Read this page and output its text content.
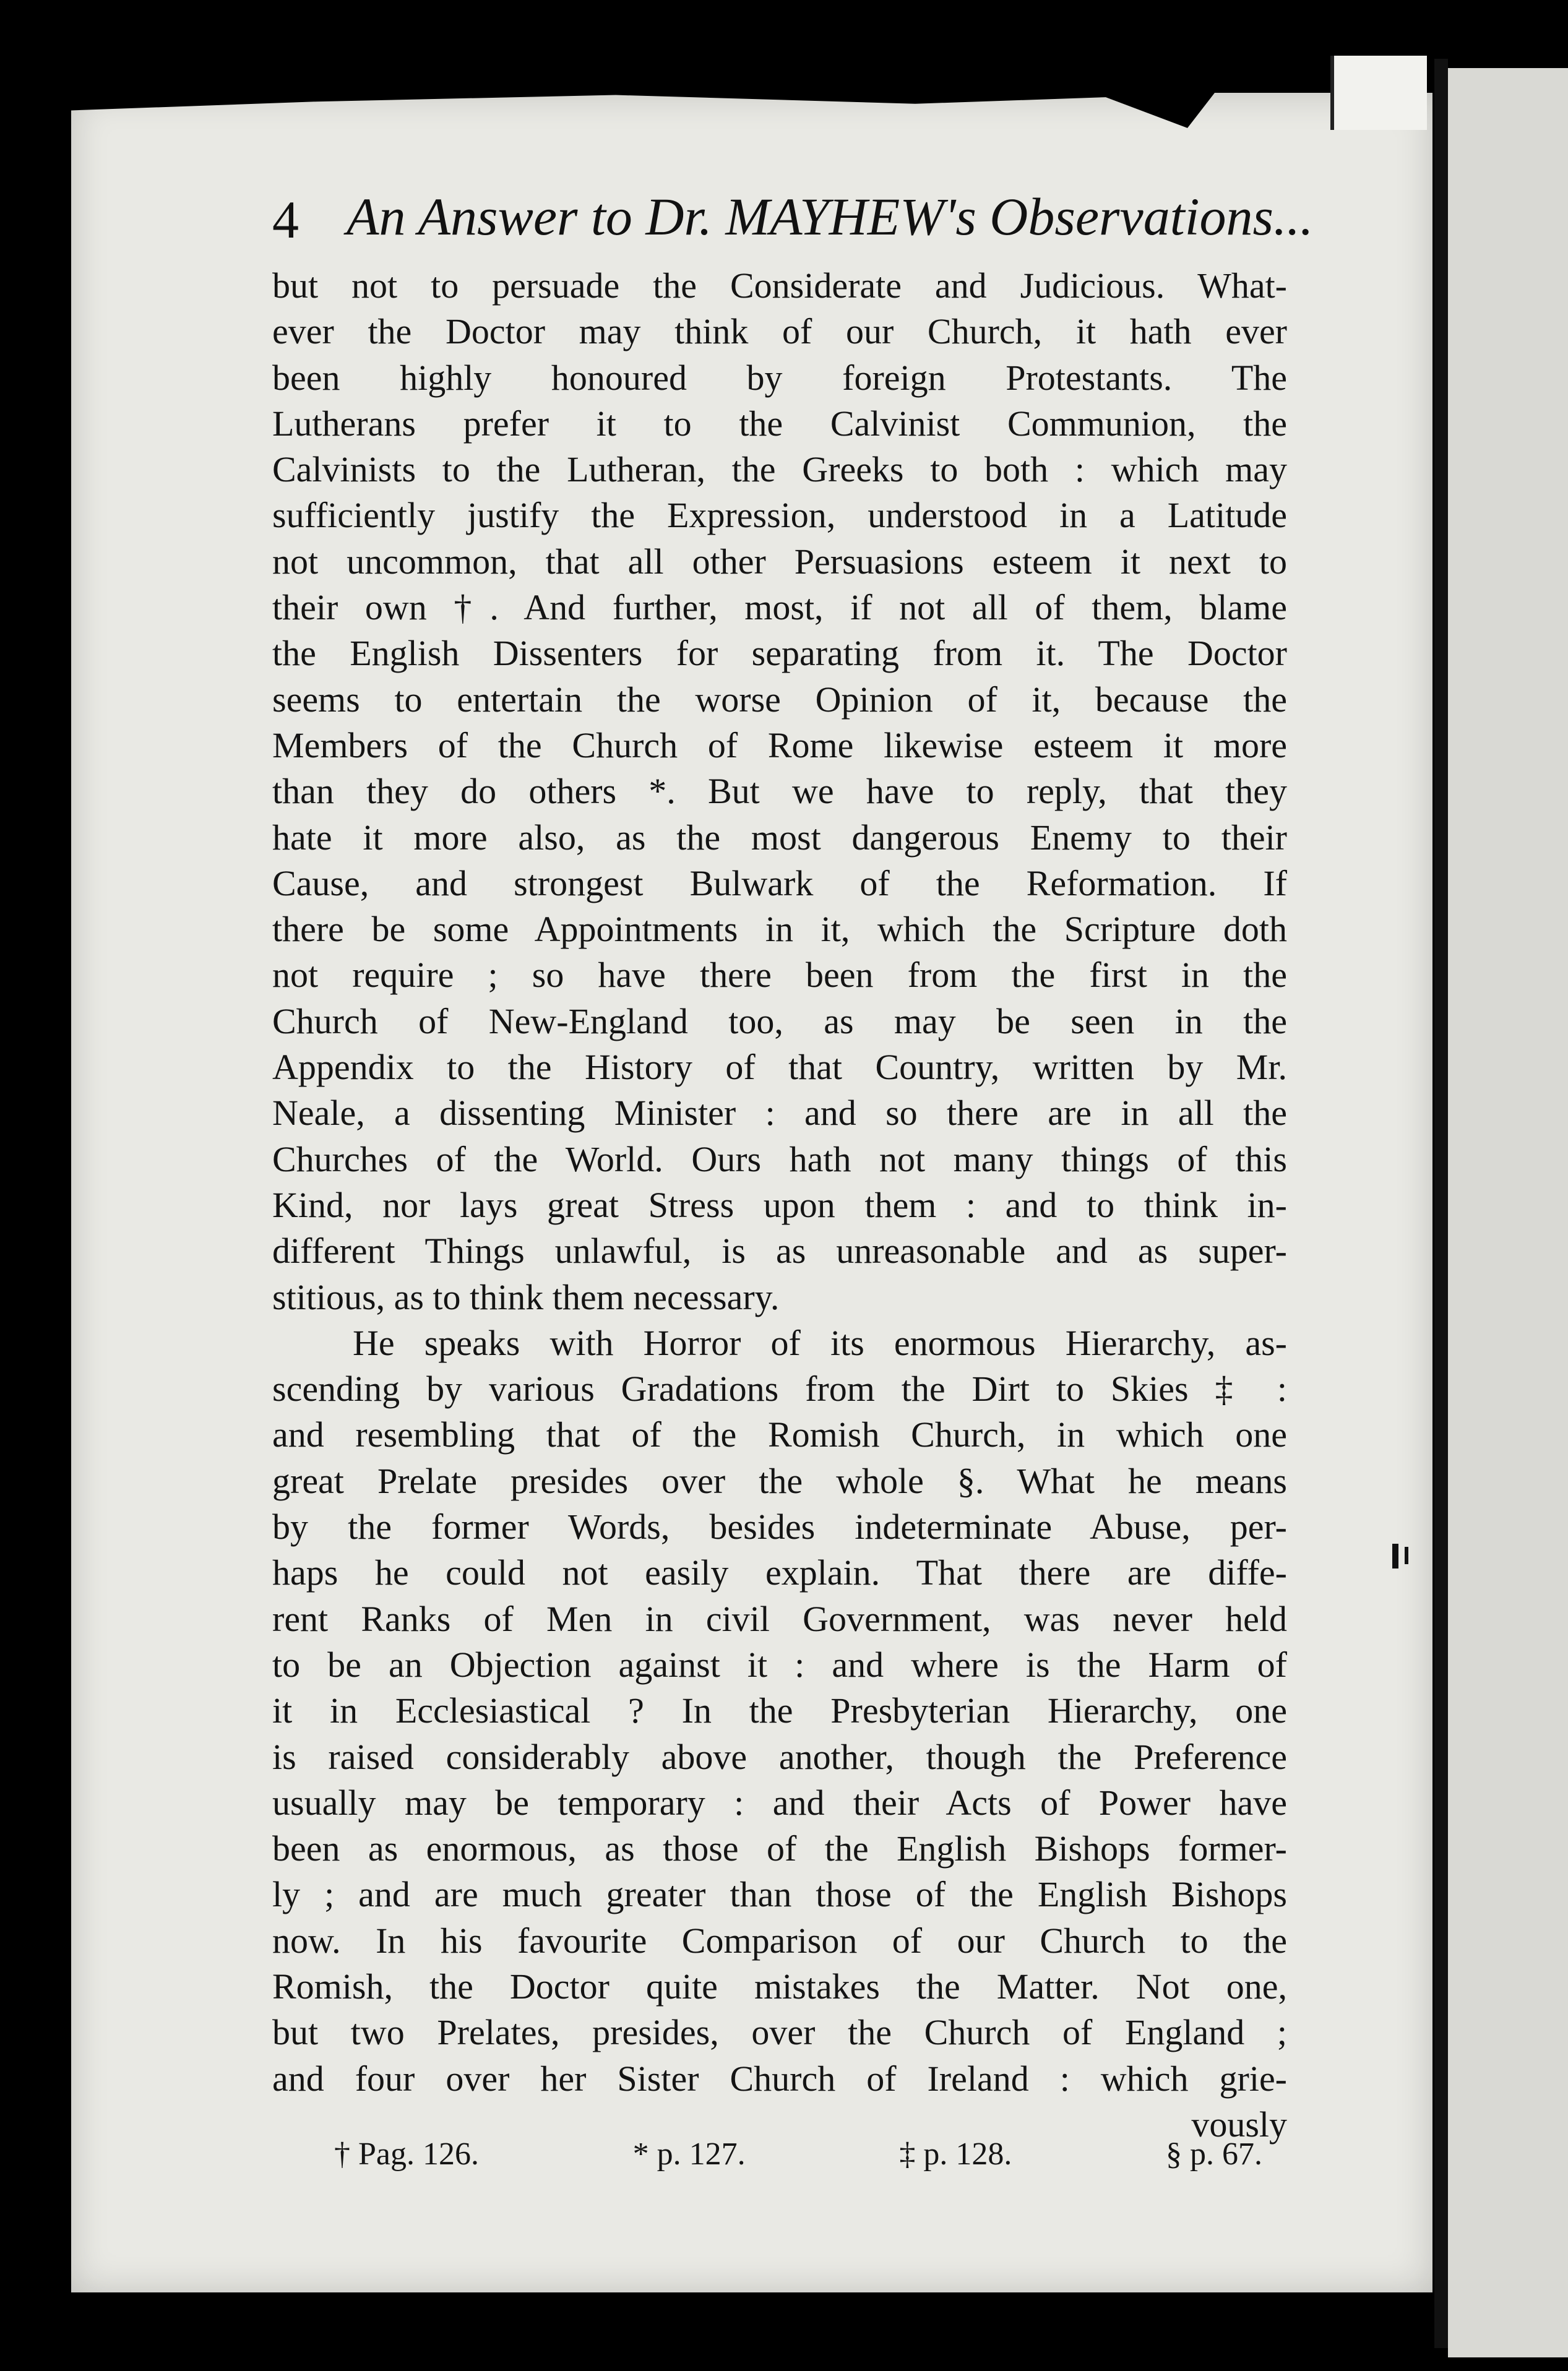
4 An Answer to Dr. MAYHEW's Observations...
but not to persuade the Considerate and Judicious. What-
ever the Doctor may think of our Church, it hath ever
been highly honoured by foreign Protestants. The
Lutherans prefer it to the Calvinist Communion, the
Calvinists to the Lutheran, the Greeks to both : which may
sufficiently justify the Expression, understood in a Latitude
not uncommon, that all other Persuasions esteem it next to
their own †. And further, most, if not all of them, blame
the English Dissenters for separating from it. The Doctor
seems to entertain the worse Opinion of it, because the
Members of the Church of Rome likewise esteem it more
than they do others *. But we have to reply, that they
hate it more also, as the most dangerous Enemy to their
Cause, and strongest Bulwark of the Reformation. If
there be some Appointments in it, which the Scripture doth
not require ; so have there been from the first in the
Church of New-England too, as may be seen in the
Appendix to the History of that Country, written by Mr.
Neale, a dissenting Minister : and so there are in all the
Churches of the World. Ours hath not many things of this
Kind, nor lays great Stress upon them : and to think in-
different Things unlawful, is as unreasonable and as super-
stitious, as to think them necessary.
He speaks with Horror of its enormous Hierarchy, as-
scending by various Gradations from the Dirt to Skies ‡ :
and resembling that of the Romish Church, in which one
great Prelate presides over the whole §. What he means
by the former Words, besides indeterminate Abuse, per-
haps he could not easily explain. That there are diffe-
rent Ranks of Men in civil Government, was never held
to be an Objection against it : and where is the Harm of
it in Ecclesiastical ? In the Presbyterian Hierarchy, one
is raised considerably above another, though the Preference
usually may be temporary : and their Acts of Power have
been as enormous, as those of the English Bishops former-
ly ; and are much greater than those of the English Bishops
now. In his favourite Comparison of our Church to the
Romish, the Doctor quite mistakes the Matter. Not one,
but two Prelates, presides, over the Church of England ;
and four over her Sister Church of Ireland : which grie-
vously
† Pag. 126.	* p. 127.	‡ p. 128.	§ p. 67.
